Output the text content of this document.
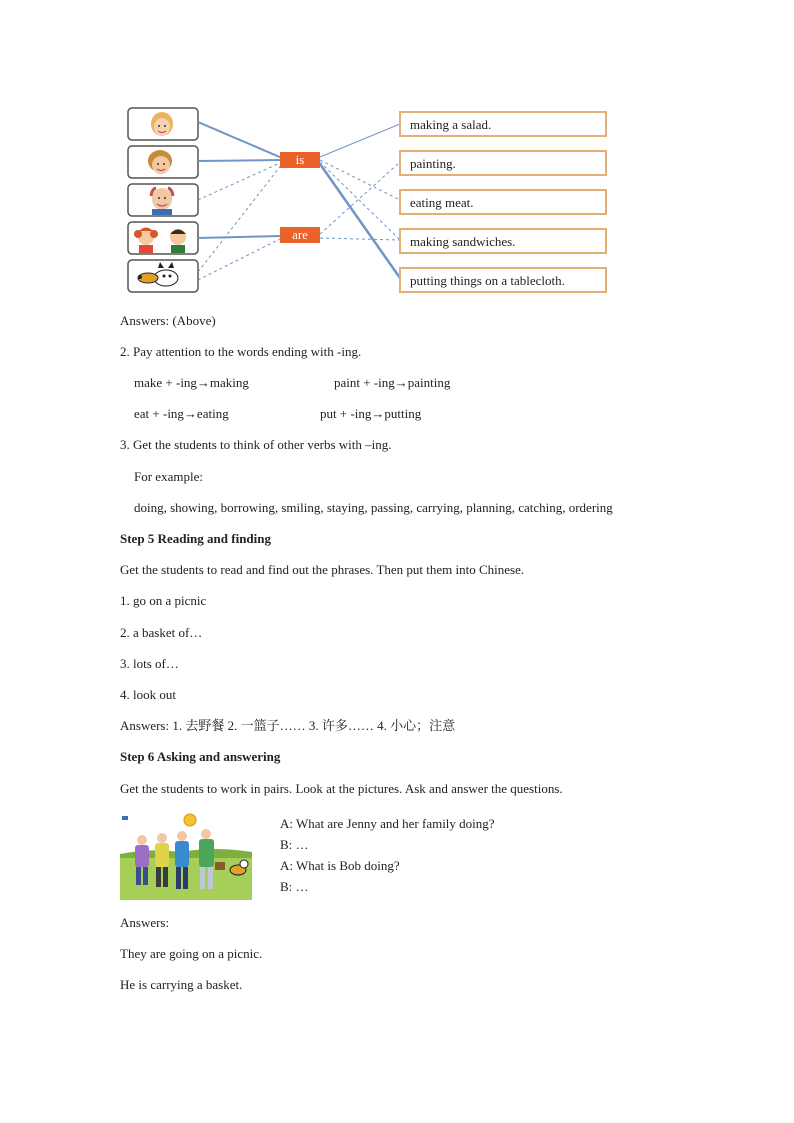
is
are
making a salad.
painting.
eating meat.
making sandwiches.
putting things on a tablecloth.
Answers: (Above)
2. Pay attention to the words ending with -ing.
make + -ing→making	paint + -ing→painting
eat + -ing→eating	put + -ing→putting
3. Get the students to think of other verbs with –ing.
For example:
doing, showing, borrowing, smiling, staying, passing, carrying, planning, catching, ordering
Step 5 Reading and finding
Get the students to read and find out the phrases. Then put them into Chinese.
1. go on a picnic
2. a basket of…
3. lots of…
4. look out
Answers: 1. 去野餐 2. 一篮子…… 3. 许多…… 4. 小心；注意
Step 6 Asking and answering
Get the students to work in pairs. Look at the pictures. Ask and answer the questions.
A: What are Jenny and her family doing?
B: …
A: What is Bob doing?
B: …
Answers:
They are going on a picnic.
He is carrying a basket.
